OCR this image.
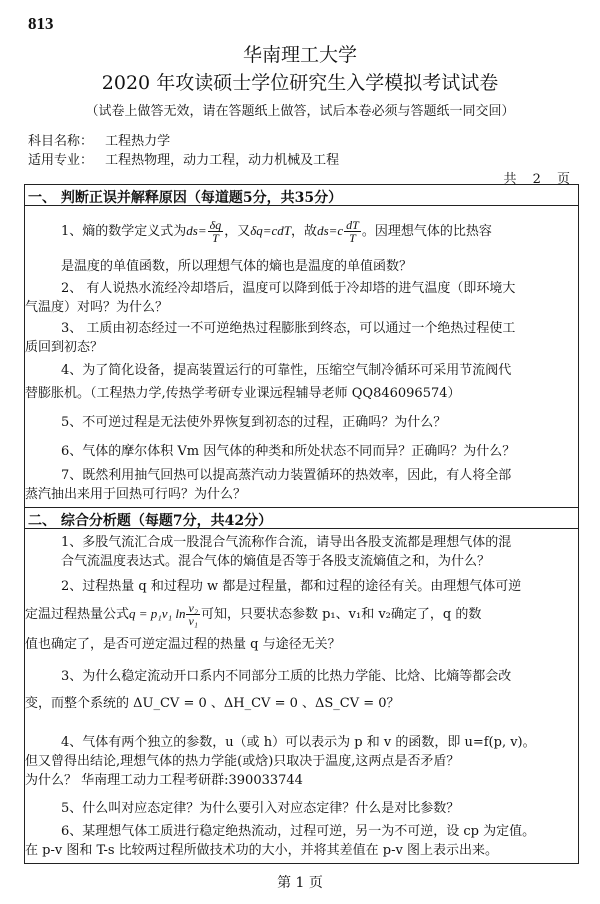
813
华南理工大学
2020 年攻读硕士学位研究生入学模拟考试试卷
（试卷上做答无效，请在答题纸上做答，试后本卷必须与答题纸一同交回）
科目名称： 工程热力学
适用专业： 工程热物理，动力工程，动力机械及工程
共 2 页
一、 判断正误并解释原因（每道题5分，共35分）
1、熵的数学定义式为$ds= \frac{\delta q}{T}$ ，又δq=cdT，故$ds=c \frac{dT}{T}$ 。因理想气体的比热容
是温度的单值函数，所以理想气体的熵也是温度的单值函数？
2、 有人说热水流经冷却塔后，温度可以降到低于冷却塔的进气温度（即环境大
气温度）对吗？为什么？
3、 工质由初态经过一不可逆绝热过程膨胀到终态，可以通过一个绝热过程使工
质回到初态？
4、为了简化设备，提高装置运行的可靠性，压缩空气制冷循环可采用节流阀代
替膨胀机。（工程热力学,传热学考研专业课远程辅导老师 QQ846096574）
5、不可逆过程是无法使外界恢复到初态的过程，正确吗？为什么？
6、气体的摩尔体积 Vm 因气体的种类和所处状态不同而异？正确吗？为什么？
7、既然利用抽气回热可以提高蒸汽动力装置循环的热效率，因此，有人将全部
蒸汽抽出来用于回热可行吗？为什么？
二、 综合分析题（每题7分，共42分）
1、多股气流汇合成一股混合气流称作合流，请导出各股支流都是理想气体的混
合气流温度表达式。混合气体的熵值是否等于各股支流熵值之和，为什么？
2、过程热量 q 和过程功 w 都是过程量，都和过程的途径有关。由理想气体可逆
定温过程热量公式q = p₁v₁ $\ln \frac{\text{v₂}}{\text{v₁}}$ 可知，只要状态参数 p₁、v₁和 v₂确定了，q 的数
值也确定了，是否可逆定温过程的热量 q 与途径无关？
3、为什么稳定流动开口系内不同部分工质的比热力学能、比焓、比熵等都会改
变，而整个系统的 ΔU_CV = 0 、ΔH_CV = 0 、ΔS_CV = 0？
4、气体有两个独立的参数，u（或 h）可以表示为 p 和 v 的函数，即 u=f(p, v)。
但又曾得出结论,理想气体的热力学能(或焓)只取决于温度,这两点是否矛盾？
为什么？ 华南理工动力工程考研群:390033744
5、什么叫对应态定律？为什么要引入对应态定律？什么是对比参数？
6、某理想气体工质进行稳定绝热流动，过程可逆，另一为不可逆，设 cp 为定值。
在 p-v 图和 T-s 比较两过程所做技术功的大小，并将其差值在 p-v 图上表示出来。
第 1 页
